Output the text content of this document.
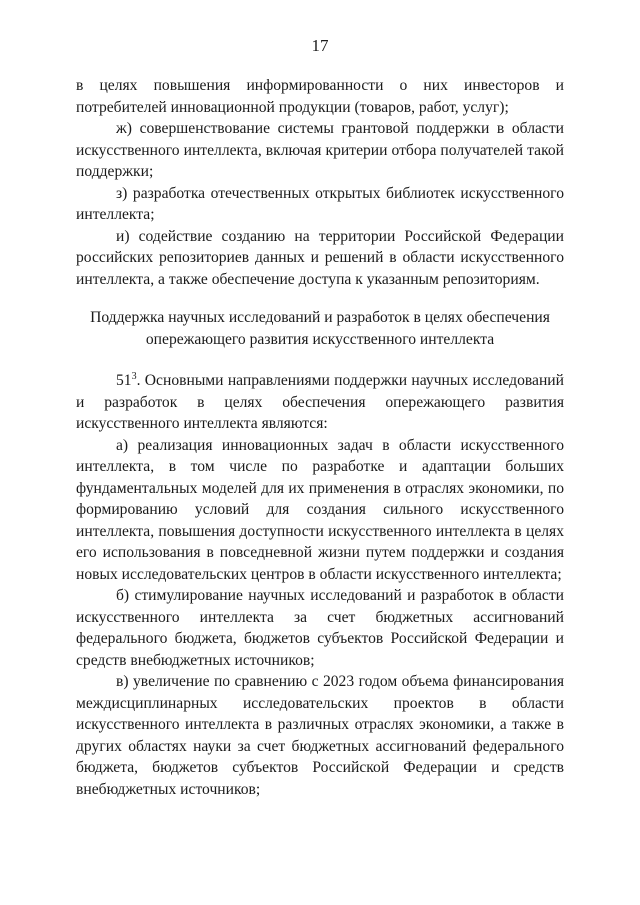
17

в целях повышения информированности о них инвесторов и потребителей инновационной продукции (товаров, работ, услуг);

ж) совершенствование системы грантовой поддержки в области искусственного интеллекта, включая критерии отбора получателей такой поддержки;

з) разработка отечественных открытых библиотек искусственного интеллекта;

и) содействие созданию на территории Российской Федерации российских репозиториев данных и решений в области искусственного интеллекта, а также обеспечение доступа к указанным репозиториям.

Поддержка научных исследований и разработок в целях обеспечения
опережающего развития искусственного интеллекта

$51^3$. Основными направлениями поддержки научных исследований и разработок в целях обеспечения опережающего развития искусственного интеллекта являются:

а) реализация инновационных задач в области искусственного интеллекта, в том числе по разработке и адаптации больших фундаментальных моделей для их применения в отраслях экономики, по формированию условий для создания сильного искусственного интеллекта, повышения доступности искусственного интеллекта в целях его использования в повседневной жизни путем поддержки и создания новых исследовательских центров в области искусственного интеллекта;

б) стимулирование научных исследований и разработок в области искусственного интеллекта за счет бюджетных ассигнований федерального бюджета, бюджетов субъектов Российской Федерации и средств внебюджетных источников;

в) увеличение по сравнению с 2023 годом объема финансирования междисциплинарных исследовательских проектов в области искусственного интеллекта в различных отраслях экономики, а также в других областях науки за счет бюджетных ассигнований федерального бюджета, бюджетов субъектов Российской Федерации и средств внебюджетных источников;
